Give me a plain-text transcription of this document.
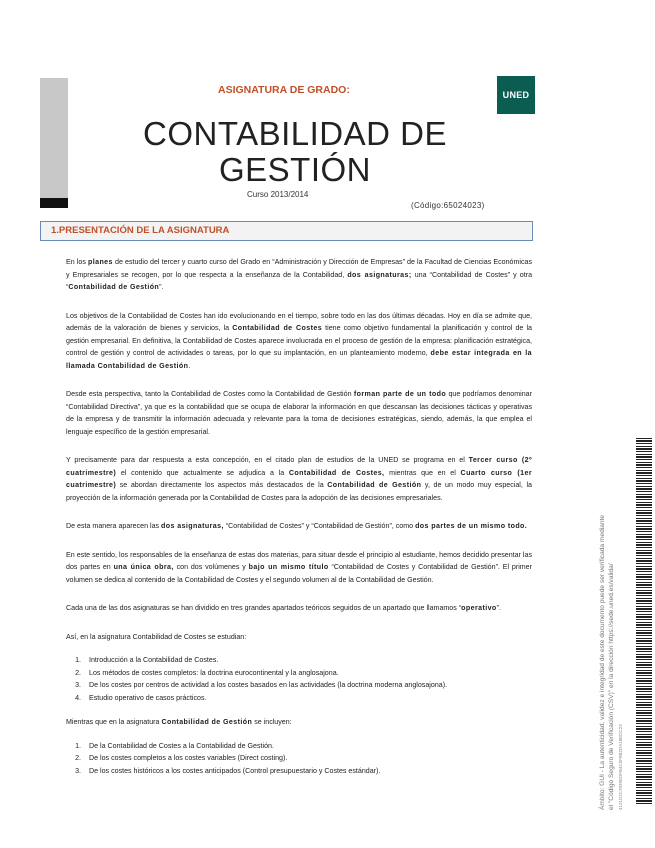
ASIGNATURA DE GRADO:	UNED
CONTABILIDAD DE
GESTIÓN
Curso 2013/2014
(Código:65024023)
1.PRESENTACIÓN DE LA ASIGNATURA

En los planes de estudio del tercer y cuarto curso del Grado en “Administración y Dirección de Empresas” de la Facultad de Ciencias Económicas y Empresariales se recogen, por lo que respecta a la enseñanza de la Contabilidad, dos asignaturas; una “Contabilidad de Costes” y otra “Contabilidad de Gestión”.

Los objetivos de la Contabilidad de Costes han ido evolucionando en el tiempo, sobre todo en las dos últimas décadas. Hoy en día se admite que, además de la valoración de bienes y servicios, la Contabilidad de Costes tiene como objetivo fundamental la planificación y control de la gestión empresarial. En definitiva, la Contabilidad de Costes aparece involucrada en el proceso de gestión de la empresa: planificación estratégica, control de gestión y control de actividades o tareas, por lo que su implantación, en un planteamiento moderno, debe estar integrada en la llamada Contabilidad de Gestión.

Desde esta perspectiva, tanto la Contabilidad de Costes como la Contabilidad de Gestión forman parte de un todo que podríamos denominar “Contabilidad Directiva”, ya que es la contabilidad que se ocupa de elaborar la información en que descansan las decisiones tácticas y operativas de la empresa y de transmitir la información adecuada y relevante para la toma de decisiones estratégicas, siendo, además, la que emplea el lenguaje específico de la gestión empresarial.

Y precisamente para dar respuesta a esta concepción, en el citado plan de estudios de la UNED se programa en el Tercer curso (2º cuatrimestre) el contenido que actualmente se adjudica a la Contabilidad de Costes, mientras que en el Cuarto curso (1er cuatrimestre) se abordan directamente los aspectos más destacados de la Contabilidad de Gestión y, de un modo muy especial, la proyección de la información generada por la Contabilidad de Costes para la adopción de las decisiones empresariales.

De esta manera aparecen las dos asignaturas, “Contabilidad de Costes” y “Contabilidad de Gestión”, como dos partes de un mismo todo.

En este sentido, los responsables de la enseñanza de estas dos materias, para situar desde el principio al estudiante, hemos decidido presentar las dos partes en una única obra, con dos volúmenes y bajo un mismo título “Contabilidad de Costes y Contabilidad de Gestión”. El primer volumen se dedica al contenido de la Contabilidad de Costes y el segundo volumen al de la Contabilidad de Gestión.

Cada una de las dos asignaturas se han dividido en tres grandes apartados teóricos seguidos de un apartado que llamamos “operativo”.

Así, en la asignatura Contabilidad de Costes se estudian:

1. Introducción a la Contabilidad de Costes.
2. Los métodos de costes completos: la doctrina eurocontinental y la anglosajona.
3. De los costes por centros de actividad a los costes basados en las actividades (la doctrina moderna anglosajona).
4. Estudio operativo de casos prácticos.

Mientras que en la asignatura Contabilidad de Gestión se incluyen:

1. De la Contabilidad de Costes a la Contabilidad de Gestión.
2. De los costes completos a los costes variables (Direct costing).
3. De los costes históricos a los costes anticipados (Control presupuestario y Costes estándar).	Ámbito: GUI - La autenticidad, validez e integridad de este documento puede ser verificada mediante el "Código Seguro de Verificación (CSV)" en la dirección https://sede.uned.es/valida/ 4121D2C7839EDFB4C5F8B2DA18EDC23
